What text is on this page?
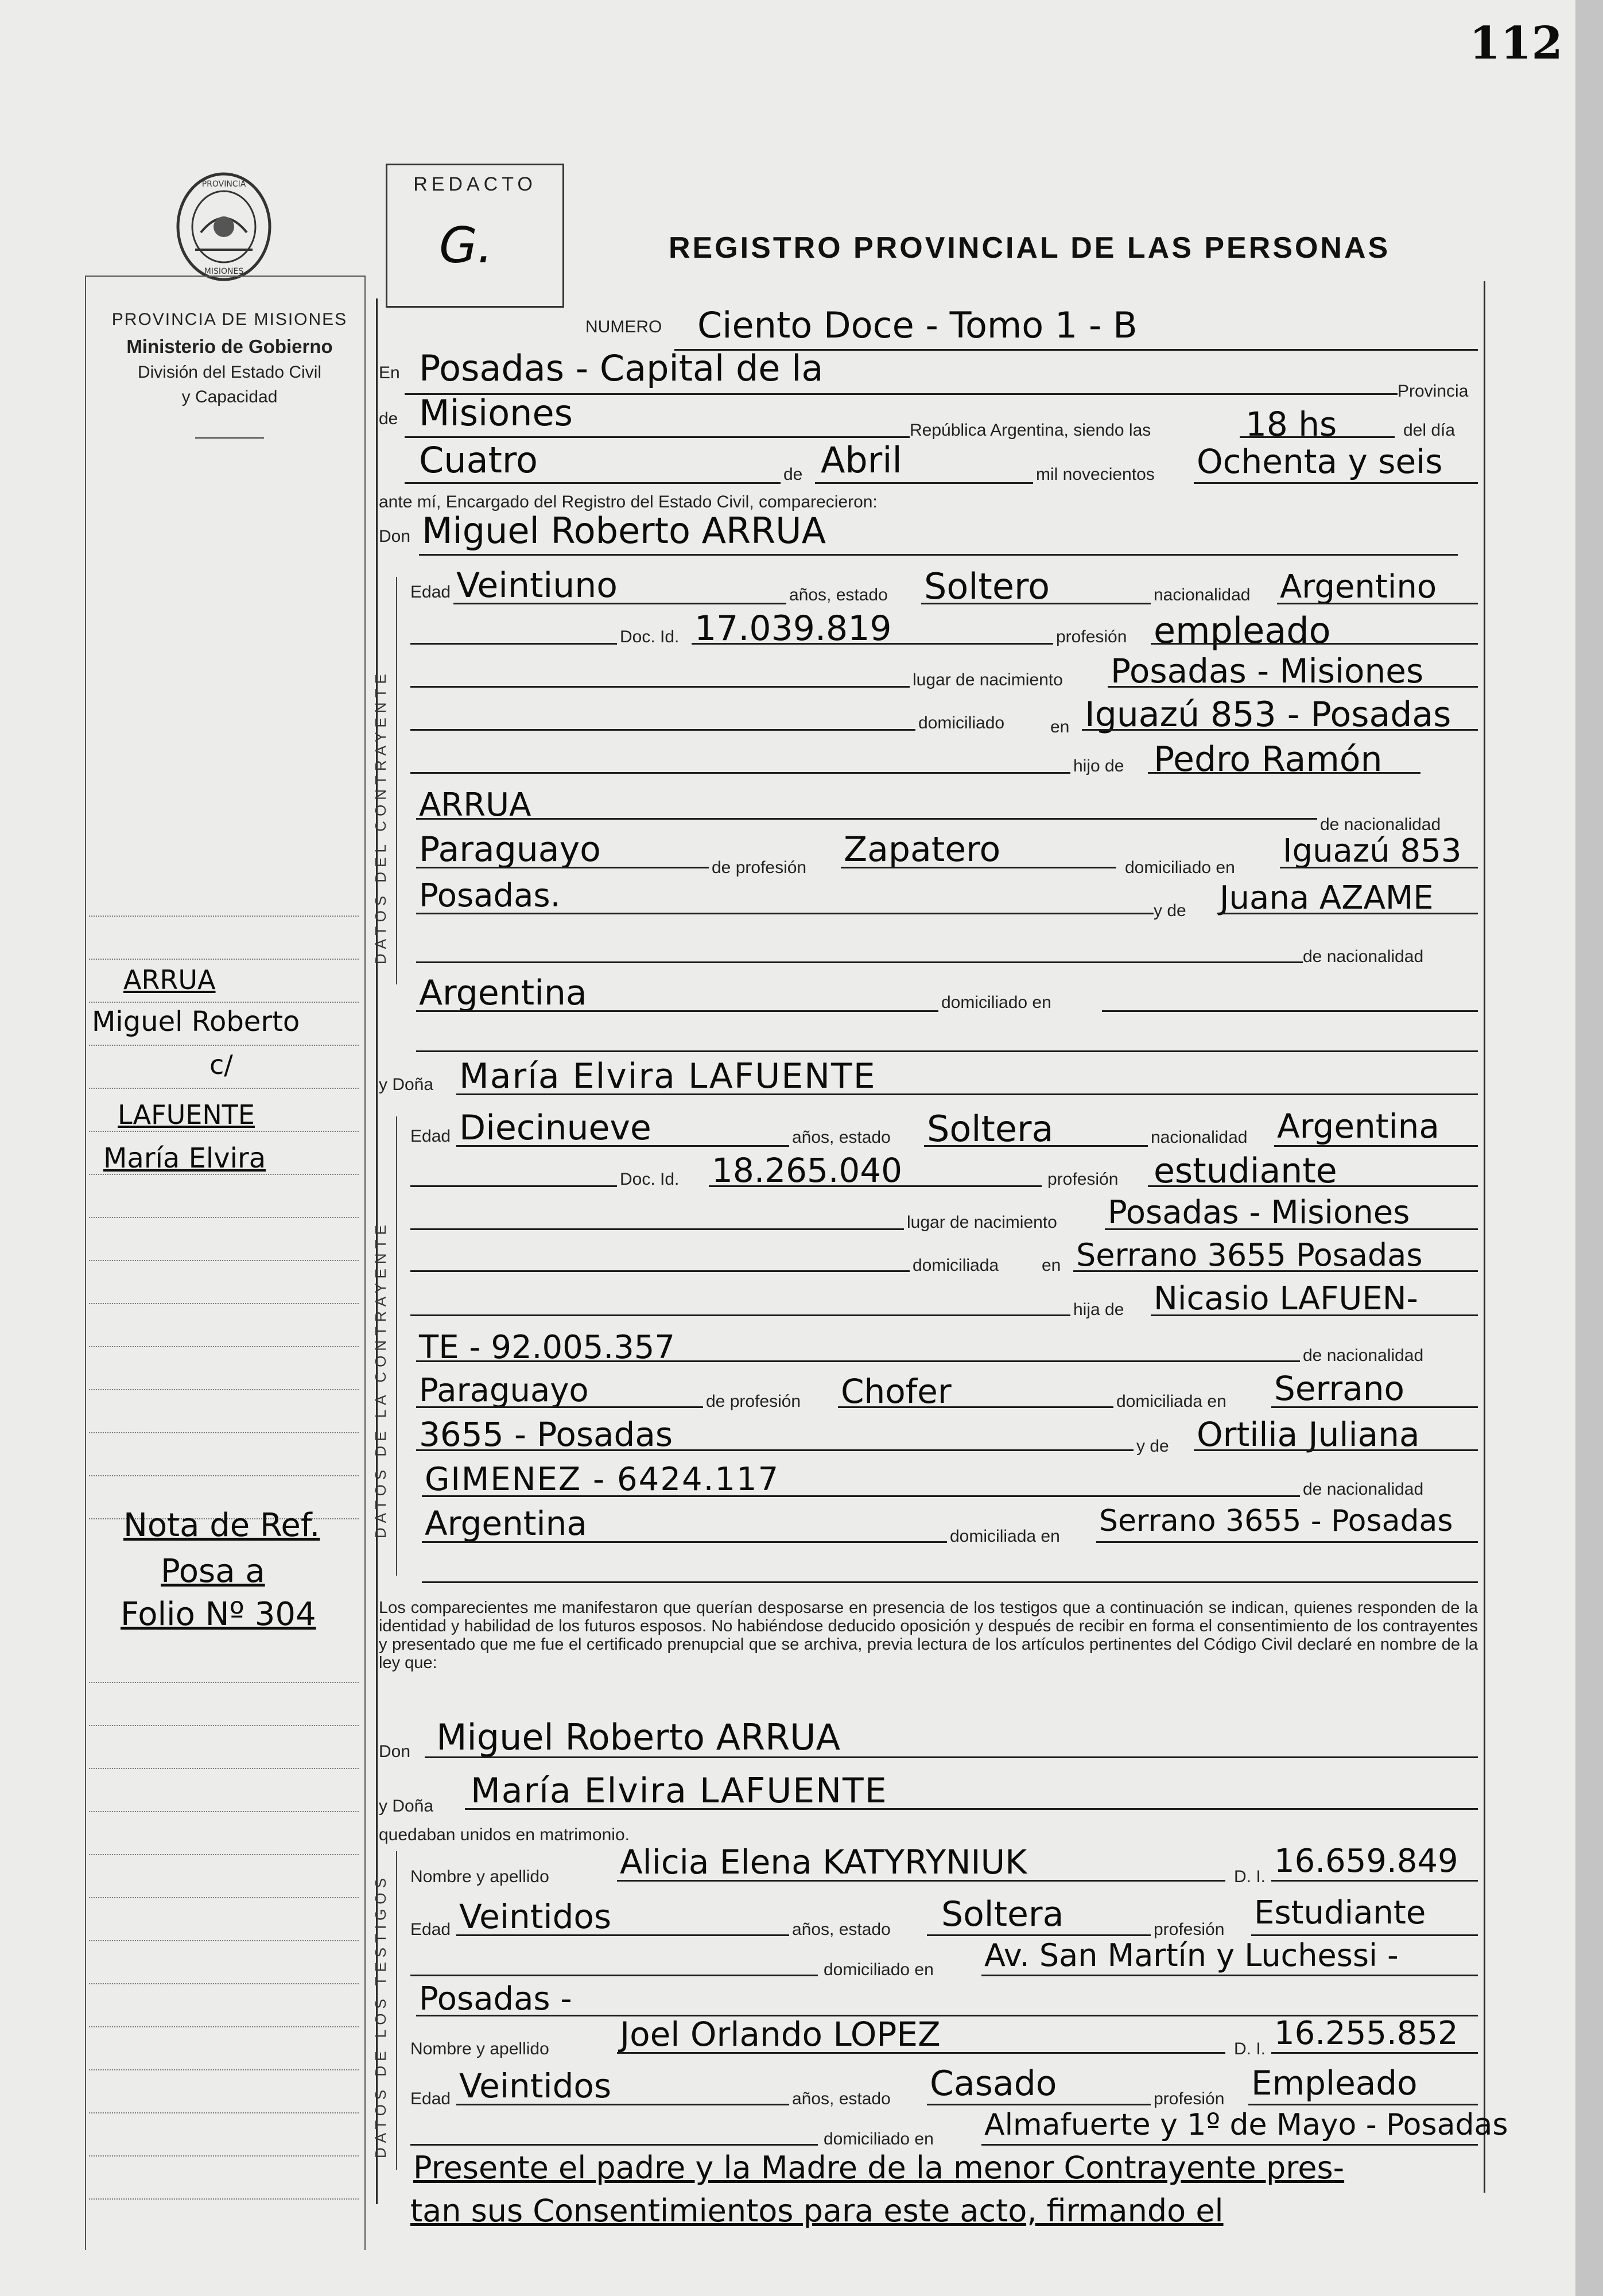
112
PROVINCIA
MISIONES
PROVINCIA DE MISIONES
Ministerio de Gobierno
División del Estado Civil
y Capacidad
ARRUA
Miguel Roberto
c/
LAFUENTE
María Elvira
Nota de Ref.
Posa a
Folio Nº 304
REDACTO
G.	REGISTRO PROVINCIAL DE LAS PERSONAS
NUMERO Ciento Doce - Tomo 1 - B
En Posadas - Capital de la
Provincia
de Misiones	República Argentina, siendo las	18 hs	del día
Cuatro	de Abril	mil novecientos Ochenta y seis
ante mí, Encargado del Registro del Estado Civil, comparecieron:
Don Miguel Roberto ARRUA
DATOS DEL CONTRAYENTE
Edad Veintiuno	años, estado Soltero	nacionalidad Argentino
Doc. Id. 17.039.819	profesión empleado
lugar de nacimiento Posadas - Misiones
domiciliado	en Iguazú 853 - Posadas
hijo de Pedro Ramón
ARRUA
de nacionalidad
Paraguayo	de profesión Zapatero	domiciliado en Iguazú 853
Posadas.	y de Juana AZAME
de nacionalidad
Argentina	domiciliado en
y Doña María Elvira LAFUENTE
DATOS DE LA CONTRAYENTE
Edad Diecinueve	años, estado Soltera	nacionalidad Argentina
Doc. Id. 18.265.040	profesión estudiante
lugar de nacimiento Posadas - Misiones
domiciliada en Serrano 3655 Posadas
hija de Nicasio LAFUEN-
TE - 92.005.357	de nacionalidad
Paraguayo	de profesión Chofer	domiciliada en Serrano
3655 - Posadas	y de Ortilia Juliana
GIMENEZ - 6424.117	de nacionalidad
Argentina	domiciliada en Serrano 3655 - Posadas
Los comparecientes me manifestaron que querían desposarse en presencia de los testigos que a continuación se indican, quienes responden de la identidad y habilidad de los futuros esposos. No habiéndose deducido oposición y después de recibir en forma el consentimiento de los contrayentes y presentado que me fue el certificado prenupcial que se archiva, previa lectura de los artículos pertinentes del Código Civil declaré en nombre de la ley que:
Don Miguel Roberto ARRUA
y Doña María Elvira LAFUENTE
quedaban unidos en matrimonio.
DATOS DE LOS TESTIGOS Nombre y apellido Alicia Elena KATYRYNIUK	D. I. 16.659.849
Edad Veintidos	años, estado Soltera	profesión Estudiante
domiciliado en Av. San Martín y Luchessi -
Posadas -
Nombre y apellido Joel Orlando LOPEZ	D. I. 16.255.852
Edad Veintidos	años, estado Casado	profesión Empleado
domiciliado en Almafuerte y 1º de Mayo - Posadas
Presente el padre y la Madre de la menor Contrayente pres-
tan sus Consentimientos para este acto, firmando el
